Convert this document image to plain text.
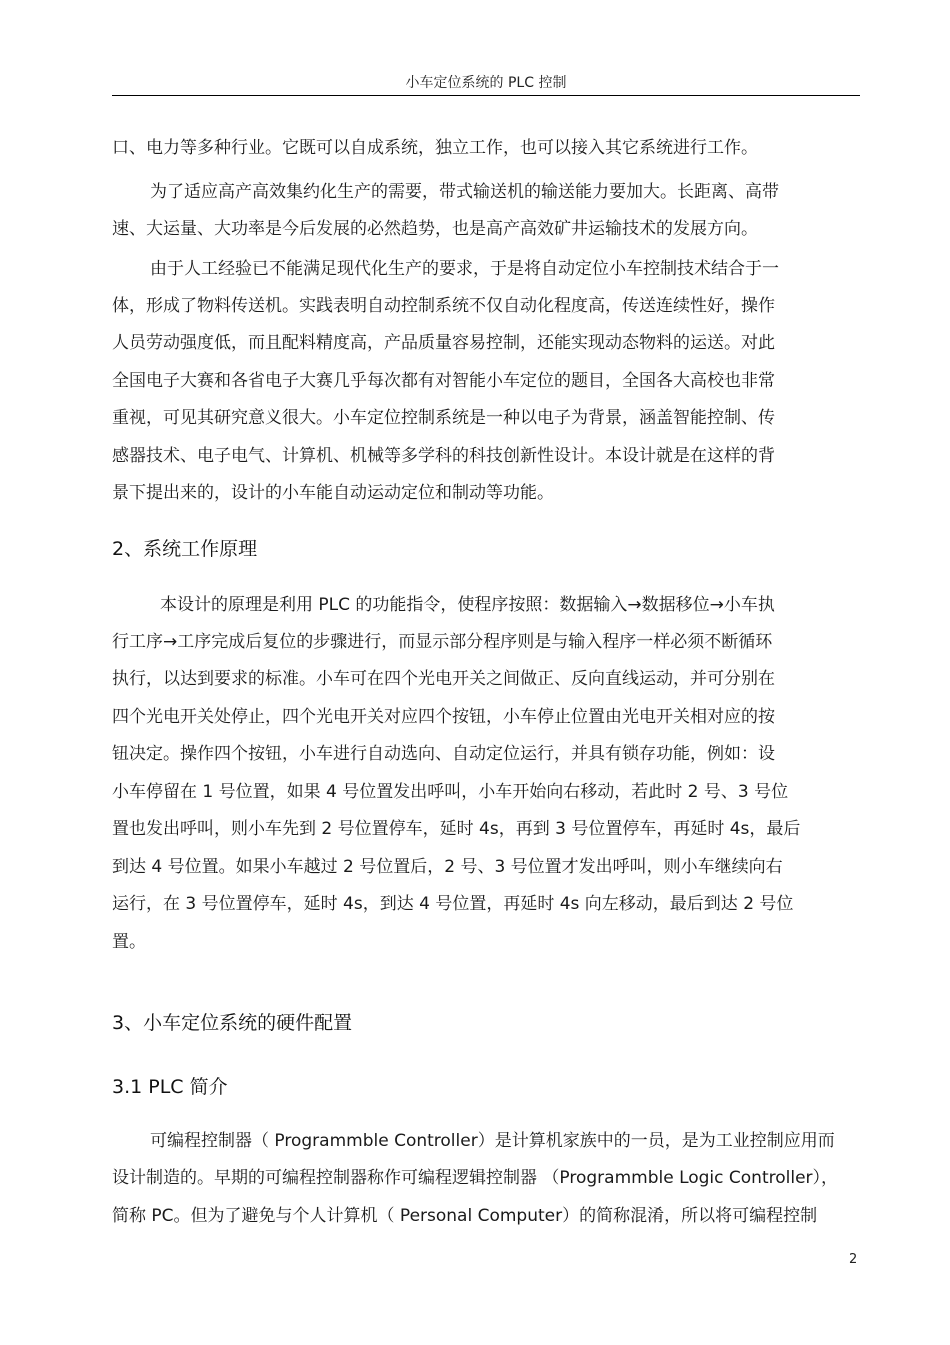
小车定位系统的 PLC 控制
口、电力等多种行业。它既可以自成系统，独立工作，也可以接入其它系统进行工作。
为了适应高产高效集约化生产的需要，带式输送机的输送能力要加大。长距离、高带
速、大运量、大功率是今后发展的必然趋势，也是高产高效矿井运输技术的发展方向。
由于人工经验已不能满足现代化生产的要求，于是将自动定位小车控制技术结合于一
体，形成了物料传送机。实践表明自动控制系统不仅自动化程度高，传送连续性好，操作
人员劳动强度低，而且配料精度高，产品质量容易控制，还能实现动态物料的运送。对此
全国电子大赛和各省电子大赛几乎每次都有对智能小车定位的题目，全国各大高校也非常
重视，可见其研究意义很大。小车定位控制系统是一种以电子为背景，涵盖智能控制、传
感器技术、电子电气、计算机、机械等多学科的科技创新性设计。本设计就是在这样的背
景下提出来的，设计的小车能自动运动定位和制动等功能。
2、系统工作原理
本设计的原理是利用 PLC 的功能指令，使程序按照：数据输入→数据移位→小车执
行工序→工序完成后复位的步骤进行，而显示部分程序则是与输入程序一样必须不断循环
执行，以达到要求的标准。小车可在四个光电开关之间做正、反向直线运动，并可分别在
四个光电开关处停止，四个光电开关对应四个按钮，小车停止位置由光电开关相对应的按
钮决定。操作四个按钮，小车进行自动选向、自动定位运行，并具有锁存功能，例如：设
小车停留在 1 号位置，如果 4 号位置发出呼叫，小车开始向右移动，若此时 2 号、3 号位
置也发出呼叫，则小车先到 2 号位置停车，延时 4s，再到 3 号位置停车，再延时 4s，最后
到达 4 号位置。如果小车越过 2 号位置后，2 号、3 号位置才发出呼叫，则小车继续向右
运行，在 3 号位置停车，延时 4s，到达 4 号位置，再延时 4s 向左移动，最后到达 2 号位
置。
3、小车定位系统的硬件配置
3.1 PLC 简介
可编程控制器（ Programmble Controller）是计算机家族中的一员，是为工业控制应用而
设计制造的。早期的可编程控制器称作可编程逻辑控制器 （Programmble Logic Controller），
简称 PC。但为了避免与个人计算机（ Personal Computer）的简称混淆，所以将可编程控制
2
